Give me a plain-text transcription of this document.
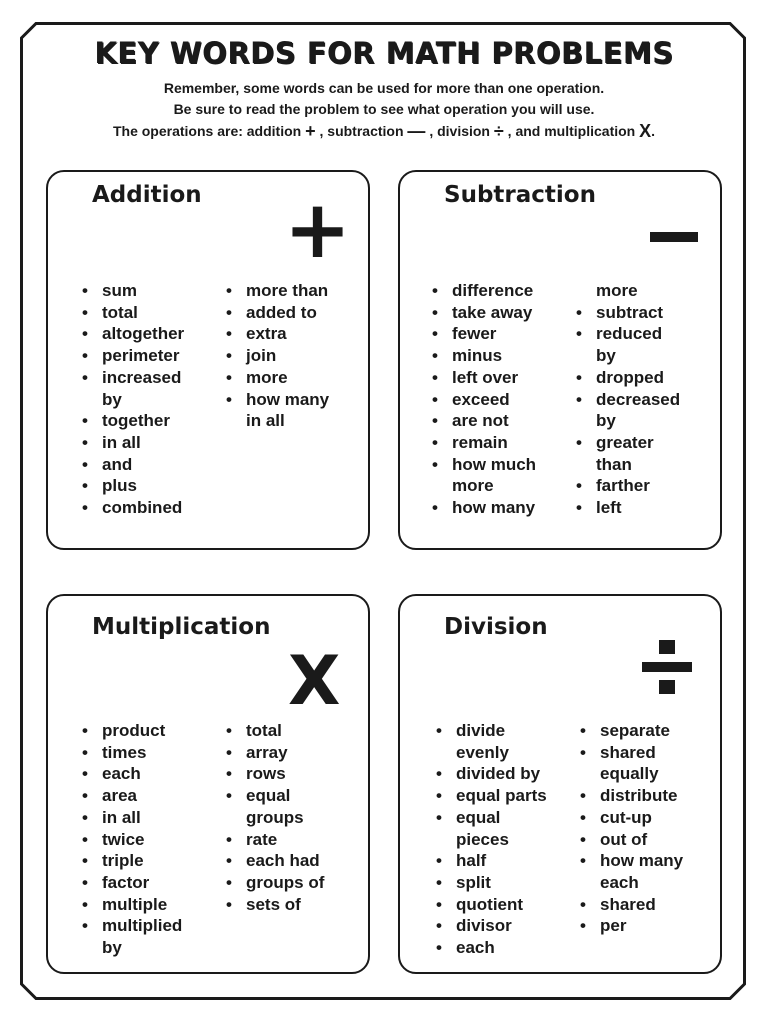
KEY WORDS FOR MATH PROBLEMS
Remember, some words can be used for more than one operation.
Be sure to read the problem to see what operation you will use.
The operations are: addition + , subtraction — , division ÷ , and multiplication X.
Addition +
• sum
• total
• altogether
• perimeter
• increased
by
• together
• in all
• and
• plus
• combined
• more than
• added to
• extra
• join
• more
• how many
in all
Subtraction
• difference
• take away
• fewer
• minus
• left over
• exceed
• are not
• remain
• how much
more
• how many
more
• subtract
• reduced
by
• dropped
• decreased
by
• greater
than
• farther
• left
Multiplication
X
• product
• times
• each
• area
• in all
• twice
• triple
• factor
• multiple
• multiplied
by
• total
• array
• rows
• equal
groups
• rate
• each had
• groups of
• sets of
Division
• divide
evenly
• divided by
• equal parts
• equal
pieces
• half
• split
• quotient
• divisor
• each
• separate
• shared
equally
• distribute
• cut-up
• out of
• how many
each
• shared
• per
